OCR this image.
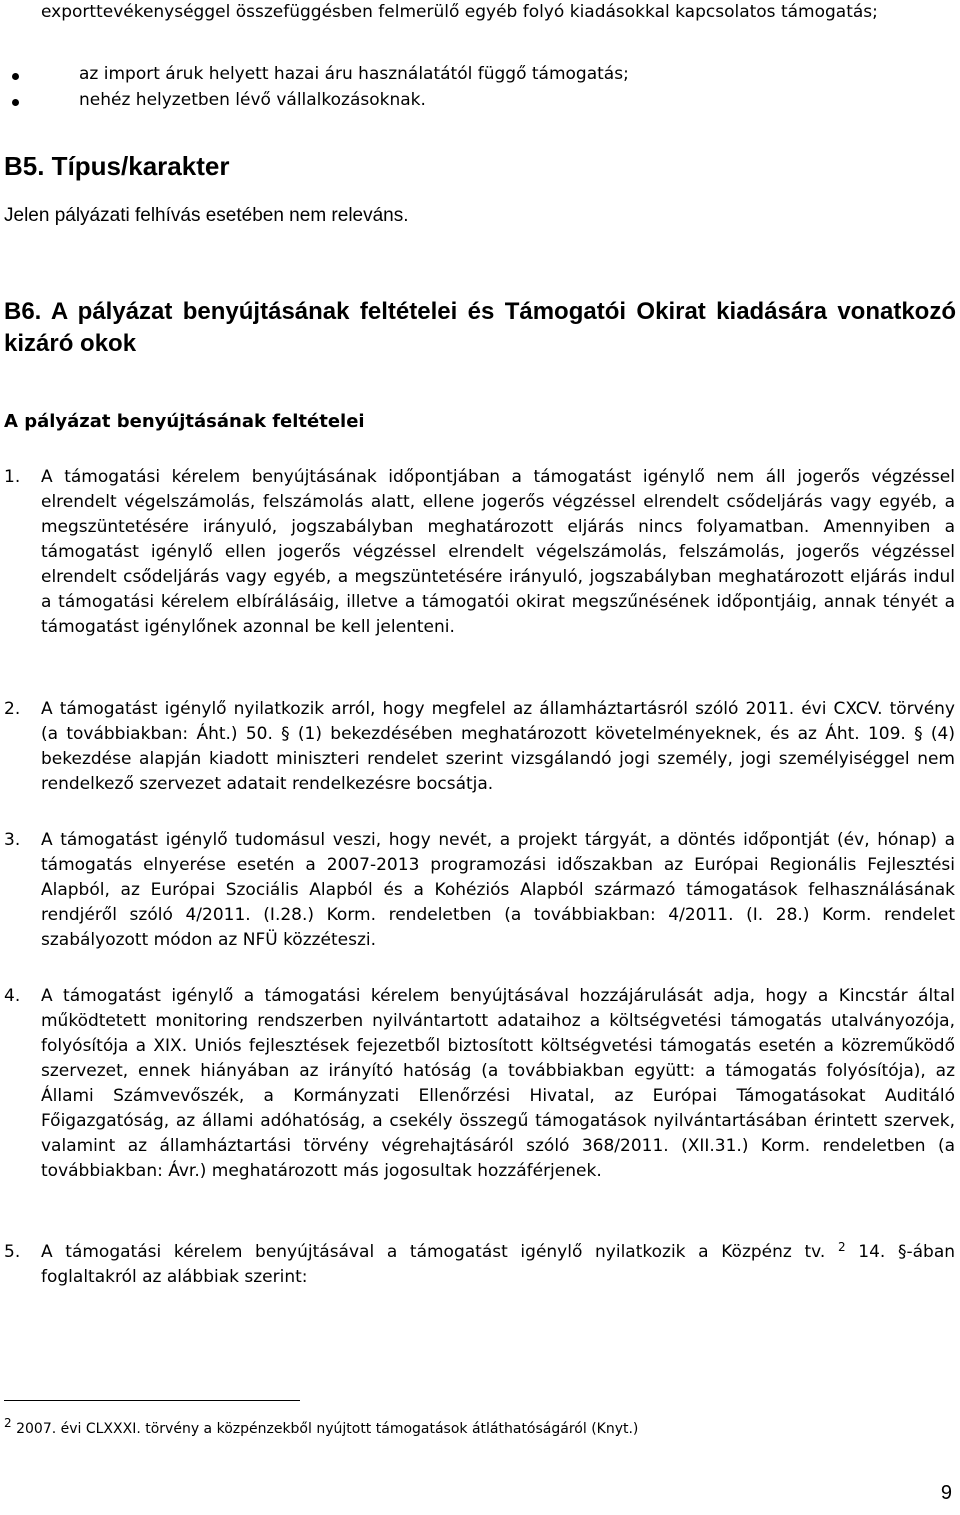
exporttevékenységgel összefüggésben felmerülő egyéb folyó kiadásokkal kapcsolatos támogatás;
az import áruk helyett hazai áru használatától függő támogatás;
nehéz helyzetben lévő vállalkozásoknak.
B5. Típus/karakter
Jelen pályázati felhívás esetében nem releváns.
B6. A pályázat benyújtásának feltételei és Támogatói Okirat kiadására vonatkozó kizáró okok
A pályázat benyújtásának feltételei
1.	A támogatási kérelem benyújtásának időpontjában a támogatást igénylő nem áll jogerős végzéssel elrendelt végelszámolás, felszámolás alatt, ellene jogerős végzéssel elrendelt csődeljárás vagy egyéb, a megszüntetésére irányuló, jogszabályban meghatározott eljárás nincs folyamatban. Amennyiben a támogatást igénylő ellen jogerős végzéssel elrendelt végelszámolás, felszámolás, jogerős végzéssel elrendelt csődeljárás vagy egyéb, a megszüntetésére irányuló, jogszabályban meghatározott eljárás indul a támogatási kérelem elbírálásáig, illetve a támogatói okirat megszűnésének időpontjáig, annak tényét a támogatást igénylőnek azonnal be kell jelenteni.
2.	A támogatást igénylő nyilatkozik arról, hogy megfelel az államháztartásról szóló 2011. évi CXCV. törvény (a továbbiakban: Áht.) 50. § (1) bekezdésében meghatározott követelményeknek, és az Áht. 109. § (4) bekezdése alapján kiadott miniszteri rendelet szerint vizsgálandó jogi személy, jogi személyiséggel nem rendelkező szervezet adatait rendelkezésre bocsátja.
3.	A támogatást igénylő tudomásul veszi, hogy nevét, a projekt tárgyát, a döntés időpontját (év, hónap) a támogatás elnyerése esetén a 2007-2013 programozási időszakban az Európai Regionális Fejlesztési Alapból, az Európai Szociális Alapból és a Kohéziós Alapból származó támogatások felhasználásának rendjéről szóló 4/2011. (I.28.) Korm. rendeletben (a továbbiakban: 4/2011. (I. 28.) Korm. rendelet szabályozott módon az NFÜ közzéteszi.
4.	A támogatást igénylő a támogatási kérelem benyújtásával hozzájárulását adja, hogy a Kincstár által működtetett monitoring rendszerben nyilvántartott adataihoz a költségvetési támogatás utalványozója, folyósítója a XIX. Uniós fejlesztések fejezetből biztosított költségvetési támogatás esetén a közreműködő szervezet, ennek hiányában az irányító hatóság (a továbbiakban együtt: a támogatás folyósítója), az Állami Számvevőszék, a Kormányzati Ellenőrzési Hivatal, az Európai Támogatásokat Auditáló Főigazgatóság, az állami adóhatóság, a csekély összegű támogatások nyilvántartásában érintett szervek, valamint az államháztartási törvény végrehajtásáról szóló 368/2011. (XII.31.) Korm. rendeletben (a továbbiakban: Ávr.) meghatározott más jogosultak hozzáférjenek.
5.	A támogatási kérelem benyújtásával a támogatást igénylő nyilatkozik a Közpénz tv. $^2$ 14. §-ában foglaltakról az alábbiak szerint:
$^2$ 2007. évi CLXXXI. törvény a közpénzekből nyújtott támogatások átláthatóságáról (Knyt.)
9
